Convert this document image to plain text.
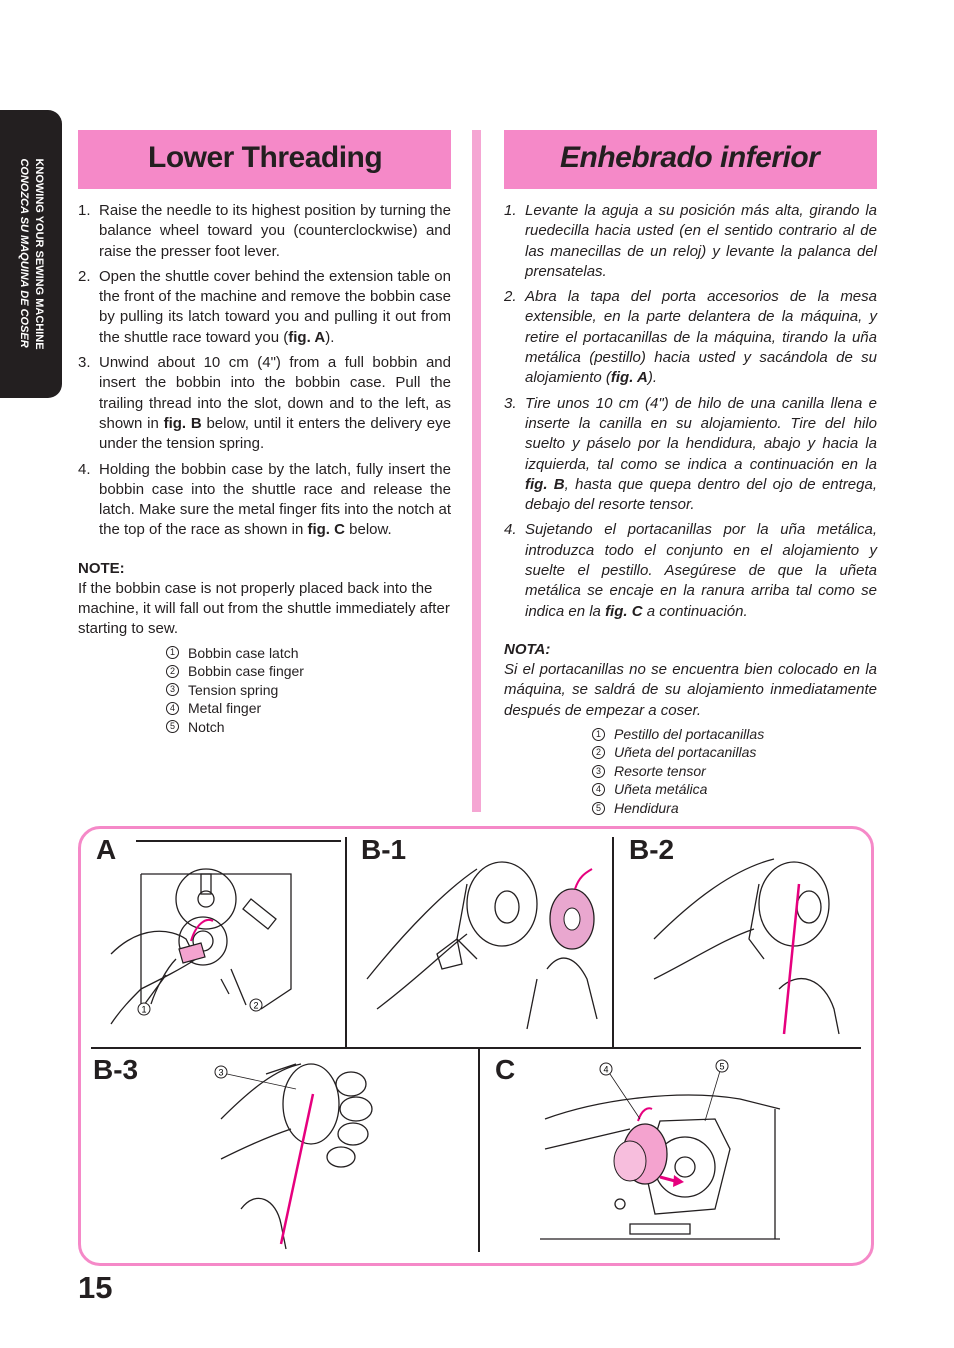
KNOWING YOUR SEWING MACHINE
CONOZCA SU MAQUINA DE COSER
Lower Threading
1. Raise the needle to its highest position by turning the balance wheel toward you (counterclockwise) and raise the presser foot lever.
2. Open the shuttle cover behind the extension table on the front of the machine and remove the bobbin case by pulling its latch toward you and pulling it out from the shuttle race toward you (fig. A).
3. Unwind about 10 cm (4") from a full bobbin and insert the bobbin into the bobbin case. Pull the trailing thread into the slot, down and to the left, as shown in fig. B below, until it enters the delivery eye under the tension spring.
4. Holding the bobbin case by the latch, fully insert the bobbin case into the shuttle race and release the latch. Make sure the metal finger fits into the notch at the top of the race as shown in fig. C below.
NOTE:
If the bobbin case is not properly placed back into the machine, it will fall out from the shuttle immediately after starting to sew.
1 Bobbin case latch
2 Bobbin case finger
3 Tension spring
4 Metal finger
5 Notch
Enhebrado inferior
1. Levante la aguja a su posición más alta, girando la ruedecilla hacia usted (en el sentido contrario al de las manecillas de un reloj) y levante la palanca del prensatelas.
2. Abra la tapa del porta accesorios de la mesa extensible, en la parte delantera de la máquina, y retire el portacanillas de la máquina, tirando la uña metálica (pestillo) hacia usted y sacándola de su alojamiento (fig. A).
3. Tire unos 10 cm (4") de hilo de una canilla llena e inserte la canilla en su alojamiento. Tire del hilo suelto y páselo por la hendidura, abajo y hacia la izquierda, tal como se indica a continuación en la fig. B, hasta que quepa dentro del ojo de entrega, debajo del resorte tensor.
4. Sujetando el portacanillas por la uña metálica, introduzca todo el conjunto en el alojamiento y suelte el pestillo. Asegúrese de que la uñeta metálica se encaje en la ranura arriba tal como se indica en la fig. C a continuación.
NOTA:
Si el portacanillas no se encuentra bien colocado en la máquina, se saldrá de su alojamiento inmediatamente después de empezar a coser.
1 Pestillo del portacanillas
2 Uñeta del portacanillas
3 Resorte tensor
4 Uñeta metálica
5 Hendidura
A	B-1	B-2
B-3	C
1	2
3	4	5
15
